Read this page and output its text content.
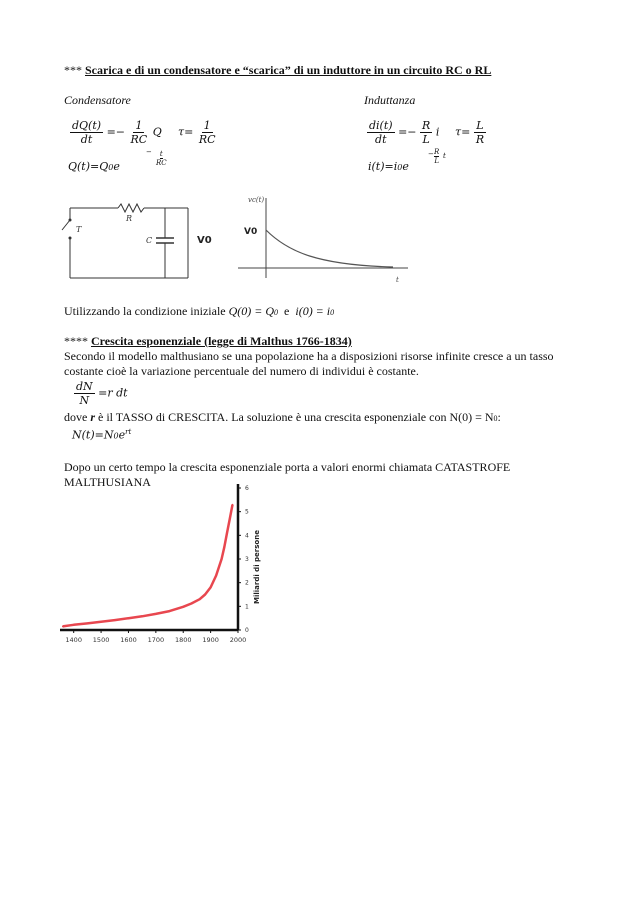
*** Scarica e di un condensatore e “scarica” di un induttore in un circuito RC o RL
Condensatore
$\frac{dQ(t)}{dt} =- \frac{1}{RC}$ Q $\tau= \frac{1}{RC}$
Q(t)=Q0e
− t
RC
Induttanza
$\frac{di(t)}{dt} =- \frac{R}{L}$ i $\tau= \frac{L}{R}$
i(t)=i0e
− R
L
t
T
R
C	V0
vc(t)
V0
t
Utilizzando la condizione iniziale Q(0) = Q0 e i(0) = i0
**** Crescita esponenziale (legge di Malthus 1766-1834)
Secondo il modello malthusiano se una popolazione ha a disposizioni risorse infinite cresce a un tasso costante cioè la variazione percentuale del numero di individui è costante.
$\frac{dN}{N} =r$ dt
dove r è il TASSO di CRESCITA. La soluzione è una crescita esponenziale con N(0) = N0:
$N(t)=N0e^{rt}$
Dopo un certo tempo la crescita esponenziale porta a valori enormi chiamata CATASTROFE MALTHUSIANA
1400 1500 1600 1700 1800 1900 2000
0
1
2
3
4
5
6
Miliardi di persone
